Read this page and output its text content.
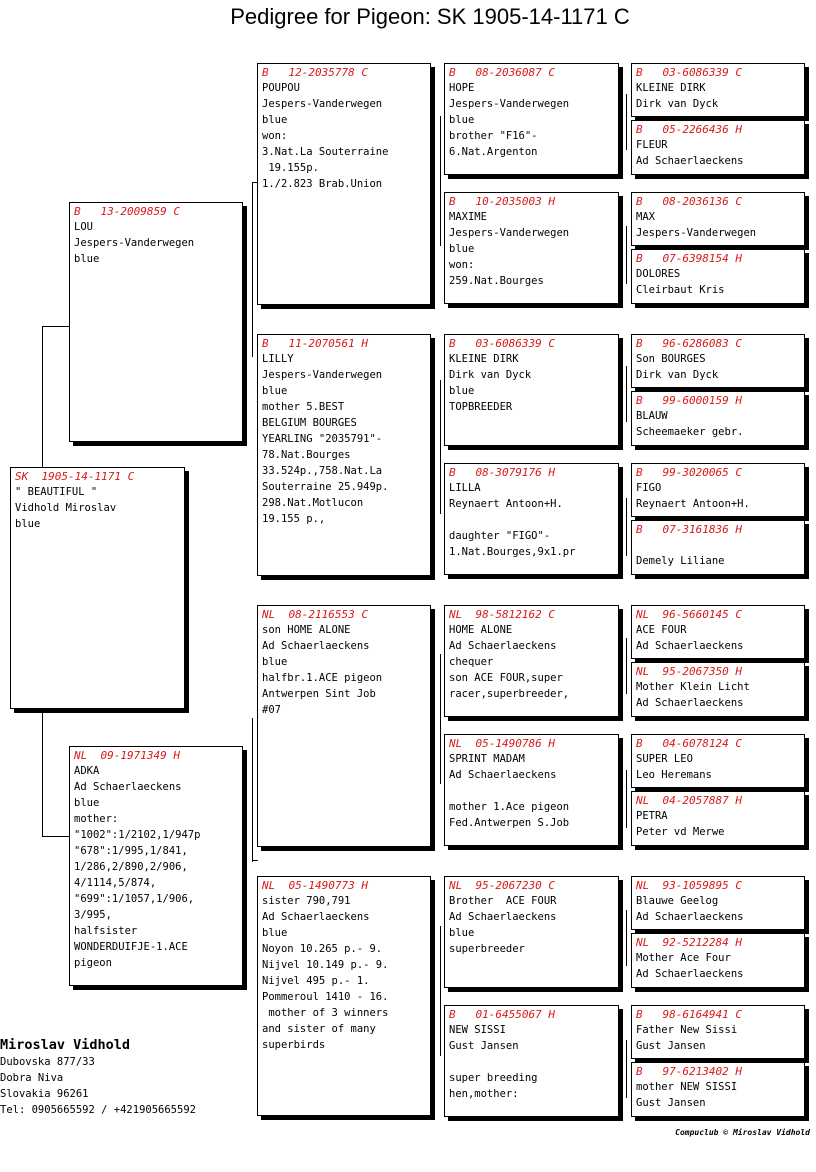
Pedigree for Pigeon: SK 1905-14-1171 C
SK  1905-14-1171 C
" BEAUTIFUL "
Vidhold Miroslav
blue
B   13-2009859 C
LOU
Jespers-Vanderwegen
blue
NL  09-1971349 H
ADKA
Ad Schaerlaeckens
blue
mother:
"1002":1/2102,1/947p
"678":1/995,1/841,
1/286,2/890,2/906,
4/1114,5/874,
"699":1/1057,1/906,
3/995,
halfsister
WONDERDUIFJE-1.ACE
pigeon
B   12-2035778 C
POUPOU
Jespers-Vanderwegen
blue
won:
3.Nat.La Souterraine
19.155p.
1./2.823 Brab.Union
B   11-2070561 H
LILLY
Jespers-Vanderwegen
blue
mother 5.BEST
BELGIUM BOURGES
YEARLING "2035791"-
78.Nat.Bourges
33.524p.,758.Nat.La
Souterraine 25.949p.
298.Nat.Motlucon
19.155 p.,
NL  08-2116553 C
son HOME ALONE
Ad Schaerlaeckens
blue
halfbr.1.ACE pigeon
Antwerpen Sint Job
#07
NL  05-1490773 H
sister 790,791
Ad Schaerlaeckens
blue
Noyon 10.265 p.- 9.
Nijvel 10.149 p.- 9.
Nijvel 495 p.- 1.
Pommeroul 1410 - 16.
mother of 3 winners
and sister of many
superbirds
B   08-2036087 C
HOPE
Jespers-Vanderwegen
blue
brother "F16"-
6.Nat.Argenton
B   10-2035003 H
MAXIME
Jespers-Vanderwegen
blue
won:
259.Nat.Bourges
B   03-6086339 C
KLEINE DIRK
Dirk van Dyck
blue
TOPBREEDER
B   08-3079176 H
LILLA
Reynaert Antoon+H.

daughter "FIGO"-
1.Nat.Bourges,9x1.pr
NL  98-5812162 C
HOME ALONE
Ad Schaerlaeckens
chequer
son ACE FOUR,super
racer,superbreeder,
NL  05-1490786 H
SPRINT MADAM
Ad Schaerlaeckens

mother 1.Ace pigeon
Fed.Antwerpen S.Job
NL  95-2067230 C
Brother  ACE FOUR
Ad Schaerlaeckens
blue
superbreeder
B   01-6455067 H
NEW SISSI
Gust Jansen

super breeding
hen,mother:
B   03-6086339 C
KLEINE DIRK
Dirk van Dyck
B   05-2266436 H
FLEUR
Ad Schaerlaeckens
B   08-2036136 C
MAX
Jespers-Vanderwegen
B   07-6398154 H
DOLORES
Cleirbaut Kris
B   96-6286083 C
Son BOURGES
Dirk van Dyck
B   99-6000159 H
BLAUW
Scheemaeker gebr.
B   99-3020065 C
FIGO
Reynaert Antoon+H.
B   07-3161836 H

Demely Liliane
NL  96-5660145 C
ACE FOUR
Ad Schaerlaeckens
NL  95-2067350 H
Mother Klein Licht
Ad Schaerlaeckens
B   04-6078124 C
SUPER LEO
Leo Heremans
NL  04-2057887 H
PETRA
Peter vd Merwe
NL  93-1059895 C
Blauwe Geelog
Ad Schaerlaeckens
NL  92-5212284 H
Mother Ace Four
Ad Schaerlaeckens
B   98-6164941 C
Father New Sissi
Gust Jansen
B   97-6213402 H
mother NEW SISSI
Gust Jansen
Miroslav Vidhold
Dubovska 877/33
Dobra Niva
Slovakia 96261
Tel: 0905665592 / +421905665592
Compuclub © Miroslav Vidhold
